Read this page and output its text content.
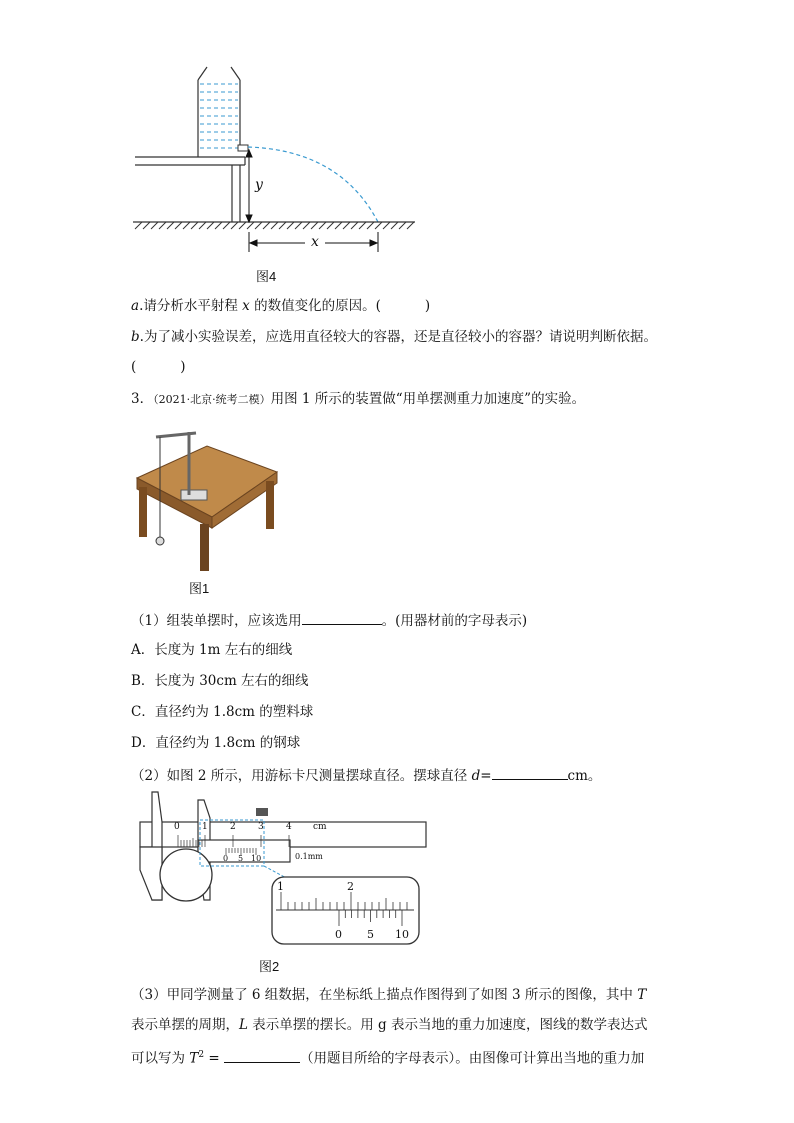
y
x
图4
a.请分析水平射程 x 的数值变化的原因。(	)
b.为了减小实验误差，应选用直径较大的容器，还是直径较小的容器？请说明判断依据。
(	)
3．（2021·北京·统考二模）用图 1 所示的装置做“用单摆测重力加速度”的实验。
图1
（1）组装单摆时，应该选用	。(用器材前的字母表示)
A．长度为 1m 左右的细线
B．长度为 30cm 左右的细线
C．直径约为 1.8cm 的塑料球
D．直径约为 1.8cm 的钢球
（2）如图 2 所示，用游标卡尺测量摆球直径。摆球直径 d=	cm。
0 1 2 3 4 cm
0 5 10	0.1mm
1	2
0 5 10
图2
（3）甲同学测量了 6 组数据，在坐标纸上描点作图得到了如图 3 所示的图像，其中 T
表示单摆的周期，L 表示单摆的摆长。用 g 表示当地的重力加速度，图线的数学表达式
可以写为 $T^2$ =	（用题目所给的字母表示）。由图像可计算出当地的重力加
